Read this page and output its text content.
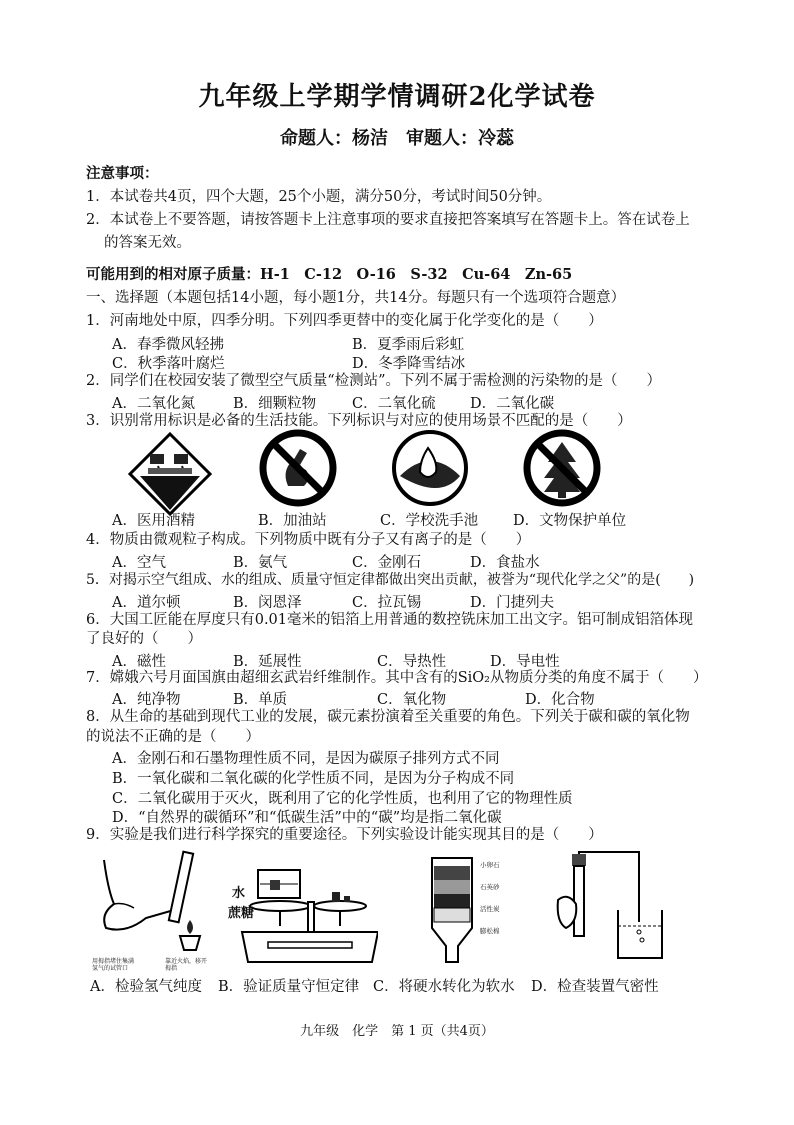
九年级上学期学情调研2化学试卷
命题人：杨洁　审题人：冷蕊
注意事项：
1．本试卷共4页，四个大题，25个小题，满分50分，考试时间50分钟。
2．本试卷上不要答题，请按答题卡上注意事项的要求直接把答案填写在答题卡上。答在试卷上
的答案无效。
可能用到的相对原子质量：H-1　C-12　O-16　S-32　Cu-64　Zn-65
一、选择题（本题包括14小题，每小题1分，共14分。每题只有一个选项符合题意）
1．河南地处中原，四季分明。下列四季更替中的变化属于化学变化的是（　　）
A．春季微风轻拂	B．夏季雨后彩虹
C．秋季落叶腐烂	D．冬季降雪结冰
2．同学们在校园安装了微型空气质量“检测站”。下列不属于需检测的污染物的是（　　）
A．二氧化氮	B．细颗粒物 C．二氧化硫 D．二氧化碳
3．识别常用标识是必备的生活技能。下列标识与对应的使用场景不匹配的是（　　）
A．医用酒精	B．加油站	C．学校洗手池 D．文物保护单位
4．物质由微观粒子构成。下列物质中既有分子又有离子的是（　　）
A．空气	B．氨气	C．金刚石	D．食盐水
5．对揭示空气组成、水的组成、质量守恒定律都做出突出贡献，被誉为“现代化学之父”的是(　　)
A．道尔顿	B．闵恩泽	C．拉瓦锡	D．门捷列夫
6．大国工匠能在厚度只有0.01毫米的铝箔上用普通的数控铣床加工出文字。铝可制成铝箔体现
了良好的（　　）
A．磁性	B．延展性	C．导热性	D．导电性
7．嫦娥六号月面国旗由超细玄武岩纤维制作。其中含有的SiO₂从物质分类的角度不属于（　　）
A．纯净物	B．单质	C．氧化物	D．化合物
8．从生命的基础到现代工业的发展，碳元素扮演着至关重要的角色。下列关于碳和碳的氧化物
的说法不正确的是（　　）
A．金刚石和石墨物理性质不同，是因为碳原子排列方式不同
B．一氧化碳和二氧化碳的化学性质不同，是因为分子构成不同
C．二氧化碳用于灭火，既利用了它的化学性质，也利用了它的物理性质
D．“自然界的碳循环”和“低碳生活”中的“碳”均是指二氧化碳
9．实验是我们进行科学探究的重要途径。下列实验设计能实现其目的是（　　）
用拇指堵住集满
氢气的试管口
靠近火焰，移开
拇指
水
蔗糖
小卵石
石英砂
活性炭
膨松棉
A．检验氢气纯度 B．验证质量守恒定律 C．将硬水转化为软水 D．检查装置气密性
九年级　化学　第 1 页（共4页）
